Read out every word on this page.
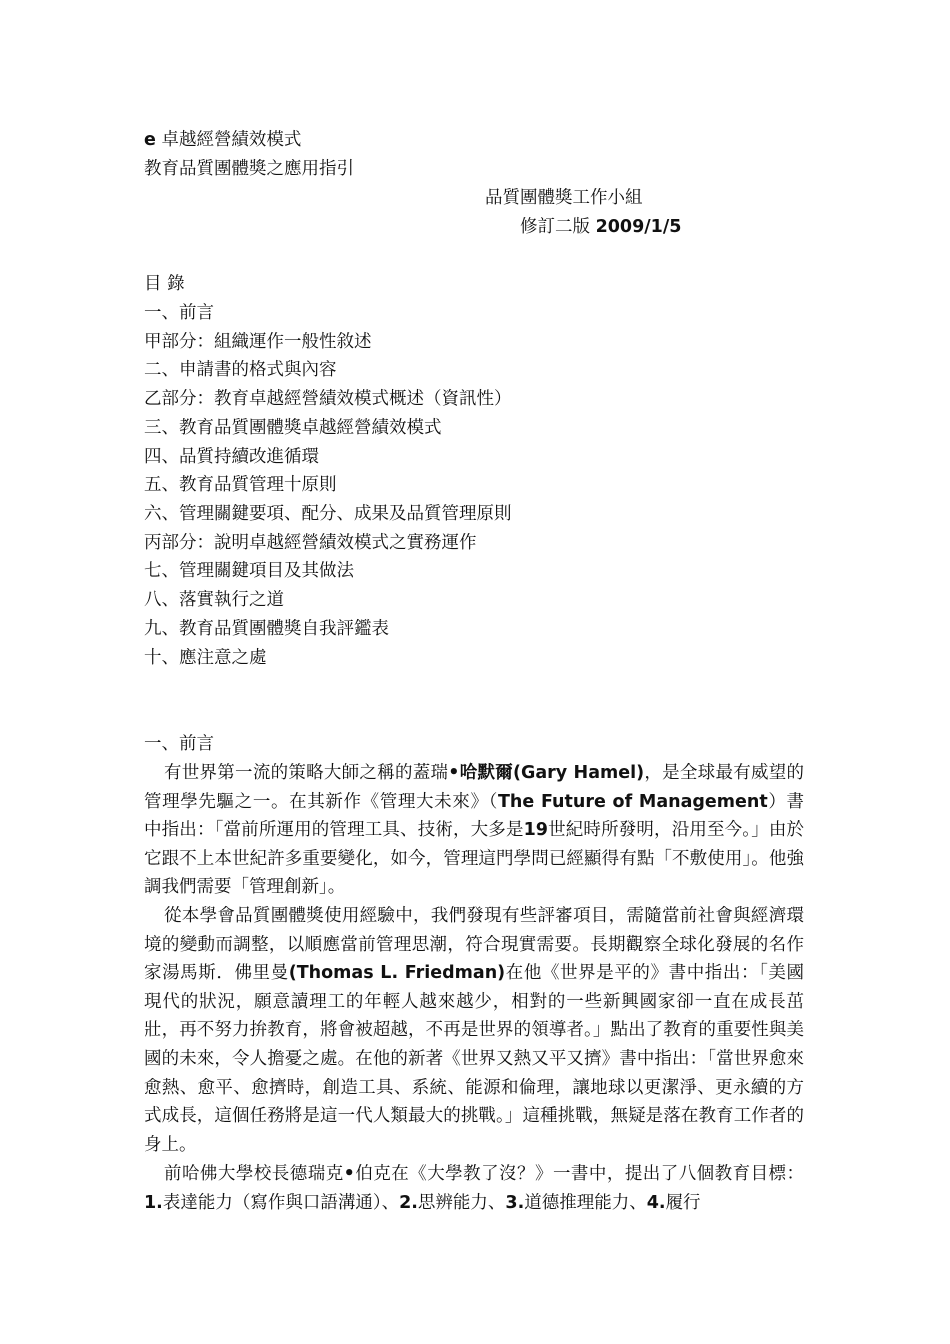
e 卓越經營績效模式
教育品質團體獎之應用指引
品質團體獎工作小組
修訂二版 2009/1/5
目 錄
一、前言
甲部分：組織運作一般性敘述
二、申請書的格式與內容
乙部分：教育卓越經營績效模式概述（資訊性）
三、教育品質團體獎卓越經營績效模式
四、品質持續改進循環
五、教育品質管理十原則
六、管理關鍵要項、配分、成果及品質管理原則
丙部分：說明卓越經營績效模式之實務運作
七、管理關鍵項目及其做法
八、落實執行之道
九、教育品質團體獎自我評鑑表
十、應注意之處
一、前言

有世界第一流的策略大師之稱的蓋瑞•哈默爾(Gary Hamel)，是全球最有威望的管理學先驅之一。在其新作《管理大未來》（The Future of Management）書中指出：「當前所運用的管理工具、技術，大多是19世紀時所發明，沿用至今。」由於它跟不上本世紀許多重要變化，如今，管理這門學問已經顯得有點「不敷使用」。他強調我們需要「管理創新」。

從本學會品質團體獎使用經驗中，我們發現有些評審項目，需隨當前社會與經濟環境的變動而調整，以順應當前管理思潮，符合現實需要。長期觀察全球化發展的名作家湯馬斯．佛里曼(Thomas L. Friedman)在他《世界是平的》書中指出：「美國現代的狀況，願意讀理工的年輕人越來越少，相對的一些新興國家卻一直在成長茁壯，再不努力拚教育，將會被超越，不再是世界的領導者。」點出了教育的重要性與美國的未來，令人擔憂之處。在他的新著《世界又熱又平又擠》書中指出：「當世界愈來愈熱、愈平、愈擠時，創造工具、系統、能源和倫理，讓地球以更潔淨、更永續的方式成長，這個任務將是這一代人類最大的挑戰。」這種挑戰，無疑是落在教育工作者的身上。

前哈佛大學校長德瑞克•伯克在《大學教了沒？》一書中，提出了八個教育目標：1.表達能力（寫作與口語溝通）、2.思辨能力、3.道德推理能力、4.履行
